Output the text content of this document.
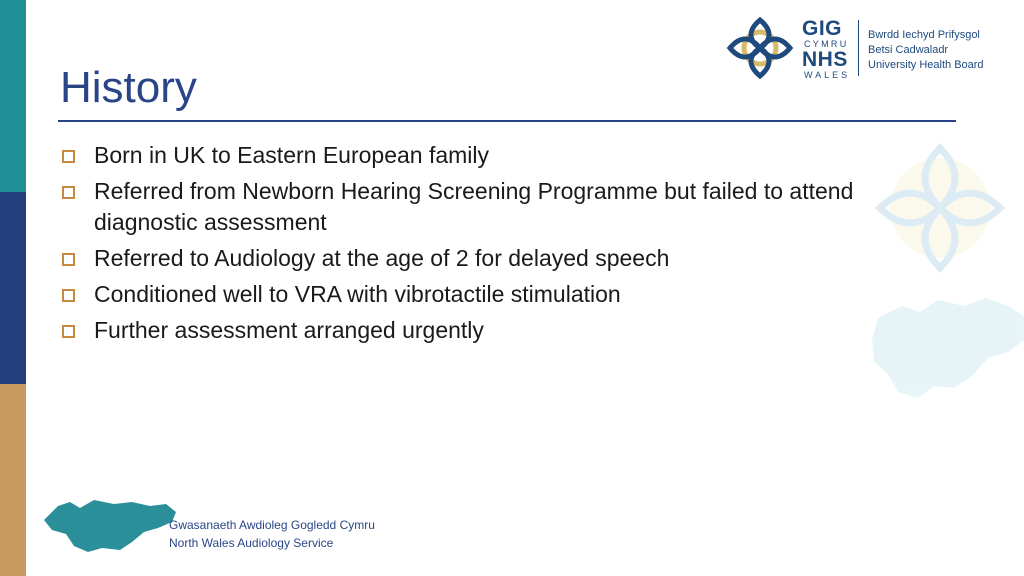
GIG
CYMRU
NHS
WALES
Bwrdd Iechyd Prifysgol
Betsi Cadwaladr
University Health Board
History
Born in UK to Eastern European family
Referred from Newborn Hearing Screening Programme but failed to attend diagnostic assessment
Referred to Audiology at the age of 2 for delayed speech
Conditioned well to VRA with vibrotactile stimulation
Further assessment arranged urgently
Gwasanaeth Awdioleg Gogledd Cymru
North Wales Audiology Service
